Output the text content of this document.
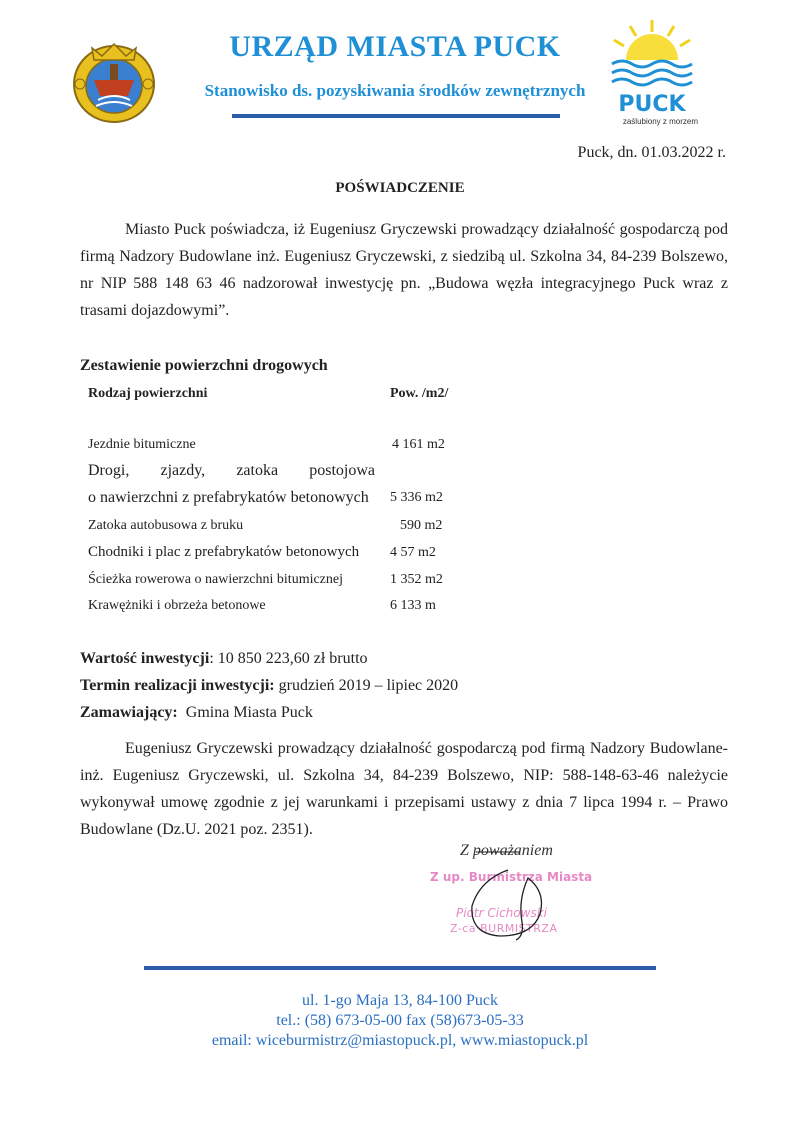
URZĄD MIASTA PUCK
Stanowisko ds. pozyskiwania środków zewnętrznych
PUCK
zaślubiony z morzem
Puck, dn. 01.03.2022 r.
POŚWIADCZENIE
Miasto Puck poświadcza, iż Eugeniusz Gryczewski prowadzący działalność gospodarczą pod firmą Nadzory Budowlane inż. Eugeniusz Gryczewski, z siedzibą ul. Szkolna 34, 84-239 Bolszewo, nr NIP 588 148 63 46 nadzorował inwestycję pn. „Budowa węzła integracyjnego Puck wraz z trasami dojazdowymi”.
Zestawienie powierzchni drogowych
Rodzaj powierzchni	Pow. /m2/
Jezdnie bitumiczne	4 161 m2
Drogi, zjazdy, zatoka postojowa
o nawierzchni z prefabrykatów betonowych 5 336 m2
Zatoka autobusowa z bruku	590 m2
Chodniki i plac z prefabrykatów betonowych 4 57 m2
Ścieżka rowerowa o nawierzchni bitumicznej	1 352 m2
Krawężniki i obrzeża betonowe	6 133 m
Wartość inwestycji: 10 850 223,60 zł brutto
Termin realizacji inwestycji: grudzień 2019 – lipiec 2020
Zamawiający:  Gmina Miasta Puck
Eugeniusz Gryczewski prowadzący działalność gospodarczą pod firmą Nadzory Budowlane-inż. Eugeniusz Gryczewski, ul. Szkolna 34, 84-239 Bolszewo, NIP: 588-148-63-46 należycie wykonywał umowę zgodnie z jej warunkami i przepisami ustawy z dnia 7 lipca 1994 r. – Prawo Budowlane (Dz.U. 2021 poz. 2351).
Z poważaniem
Z up. Burmistrza Miasta
Piotr Cichowski
Z-ca BURMISTRZA
ul. 1-go Maja 13, 84-100 Puck
tel.: (58) 673-05-00 fax (58)673-05-33
email: wiceburmistrz@miastopuck.pl, www.miastopuck.pl
